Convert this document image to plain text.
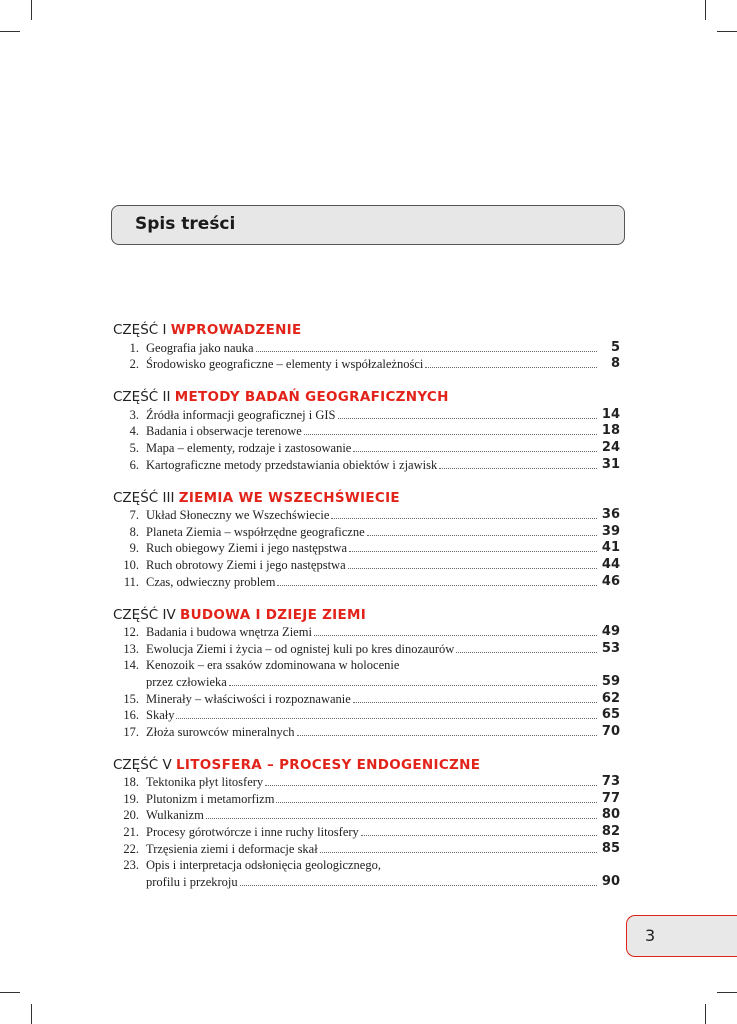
Spis treści
CZĘŚĆ I WPROWADZENIE
1. Geografia jako nauka	5
2. Środowisko geograficzne – elementy i współzależności	8
CZĘŚĆ II METODY BADAŃ GEOGRAFICZNYCH
3. Źródła informacji geograficznej i GIS	14
4. Badania i obserwacje terenowe	18
5. Mapa – elementy, rodzaje i zastosowanie	24
6. Kartograficzne metody przedstawiania obiektów i zjawisk	31
CZĘŚĆ III ZIEMIA WE WSZECHŚWIECIE
7. Układ Słoneczny we Wszechświecie	36
8. Planeta Ziemia – współrzędne geograficzne	39
9. Ruch obiegowy Ziemi i jego następstwa	41
10. Ruch obrotowy Ziemi i jego następstwa	44
11. Czas, odwieczny problem	46
CZĘŚĆ IV BUDOWA I DZIEJE ZIEMI
12. Badania i budowa wnętrza Ziemi	49
13. Ewolucja Ziemi i życia – od ognistej kuli po kres dinozaurów	53
14. Kenozoik – era ssaków zdominowana w holocenie
przez człowieka	59
15. Minerały – właściwości i rozpoznawanie	62
16. Skały	65
17. Złoża surowców mineralnych	70
CZĘŚĆ V LITOSFERA – PROCESY ENDOGENICZNE
18. Tektonika płyt litosfery	73
19. Plutonizm i metamorfizm	77
20. Wulkanizm	80
21. Procesy górotwórcze i inne ruchy litosfery	82
22. Trzęsienia ziemi i deformacje skał	85
23. Opis i interpretacja odsłonięcia geologicznego,
profilu i przekroju	90
3
